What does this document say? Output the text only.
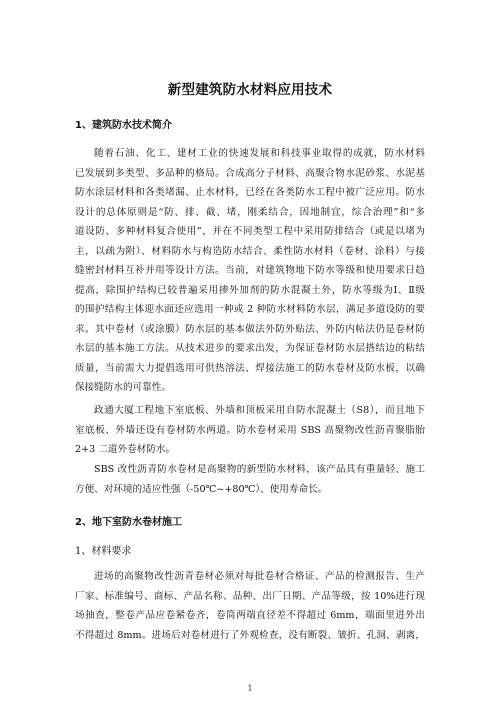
新型建筑防水材料应用技术
1、建筑防水技术简介
随着石油、化工、建材工业的快速发展和科技事业取得的成就，防水材料
已发展到多类型、多品种的格局。合成高分子材料、高聚合物水泥砂浆、水泥基
防水涂层材料和各类堵漏、止水材料，已经在各类防水工程中被广泛应用。防水
设计的总体原则是“防、排、截、堵，刚柔结合，因地制宜，综合治理”和“多
道设防、多种材料复合使用”，并在不同类型工程中采用防排结合（或是以堵为
主，以疏为附）、材料防水与构造防水结合、柔性防水材料（卷材、涂料）与接
缝密封材料互补并用等设计方法。当前，对建筑物地下防水等级和使用要求日趋
提高，除围护结构已较普遍采用掺外加剂的防水混凝土外，防水等级为Ⅰ、Ⅱ级
的围护结构主体迎水面还应选用一种或 2 种防水材料防水层，满足多道设防的要
求。其中卷材（或涂膜）防水层的基本做法外防外贴法、外防内帖法仍是卷材防
水层的基本施工方法。从技术进步的要求出发，为保证卷材防水层搭结边的粘结
质量，当前需大力提倡选用可供热溶法、焊接法施工的防水卷材及防水板，以确
保接缝防水的可靠性。
政通大厦工程地下室底板、外墙和顶板采用自防水混凝土（S8），而且地下
室底板、外墙还设有卷材防水两道。防水卷材采用 SBS 高聚物改性沥青聚脂胎
2+3 二道外卷材防水。
SBS 改性沥青防水卷材是高聚物的新型防水材料，该产品具有重量轻、施工
方便、对环境的适应性强（-50℃~+80℃）、使用寿命长。
2、地下室防水卷材施工
1、材料要求
进场的高聚物改性沥青卷材必须对每批卷材合格证、产品的检测报告、生产
厂家、标准编号、商标、产品名称、品种、出厂日期、产品等级，按 10%进行现
场抽查，整卷产品应卷紧卷齐，卷筒两端直径差不得超过 6mm，端面里进外出
不得超过 8mm。进场后对卷材进行了外观检查，没有断裂、皱折、孔洞、剥离，
1
